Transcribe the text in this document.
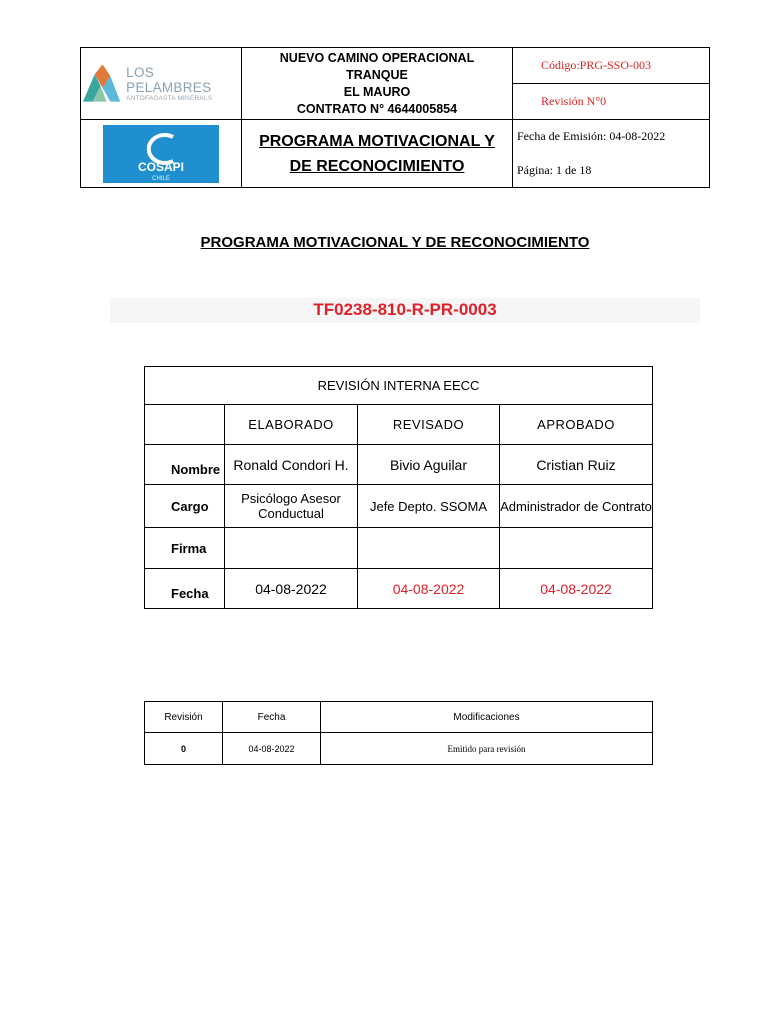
LOS PELAMBRES
ANTOFAGASTA MINERALS

NUEVO CAMINO OPERACIONAL
TRANQUE
EL MAURO
CONTRATO N° 4644005854

Código:PRG-SSO-003
Revisión N°0

COSAPI
CHILE

PROGRAMA MOTIVACIONAL Y
DE RECONOCIMIENTO

Fecha de Emisión: 04-08-2022
Página: 1 de 18
PROGRAMA MOTIVACIONAL Y DE RECONOCIMIENTO
TF0238-810-R-PR-0003
REVISIÓN INTERNA EECC			
	ELABORADO	REVISADO	APROBADO
Nombre	Ronald Condori H.	Bivio Aguilar	Cristian Ruiz
Cargo	Psicólogo Asesor Conductual	Jefe Depto. SSOMA	Administrador de Contrato
Firma			
Fecha	04-08-2022	04-08-2022	04-08-2022
Revisión	Fecha	Modificaciones
0	04-08-2022	Emitido para revisión
